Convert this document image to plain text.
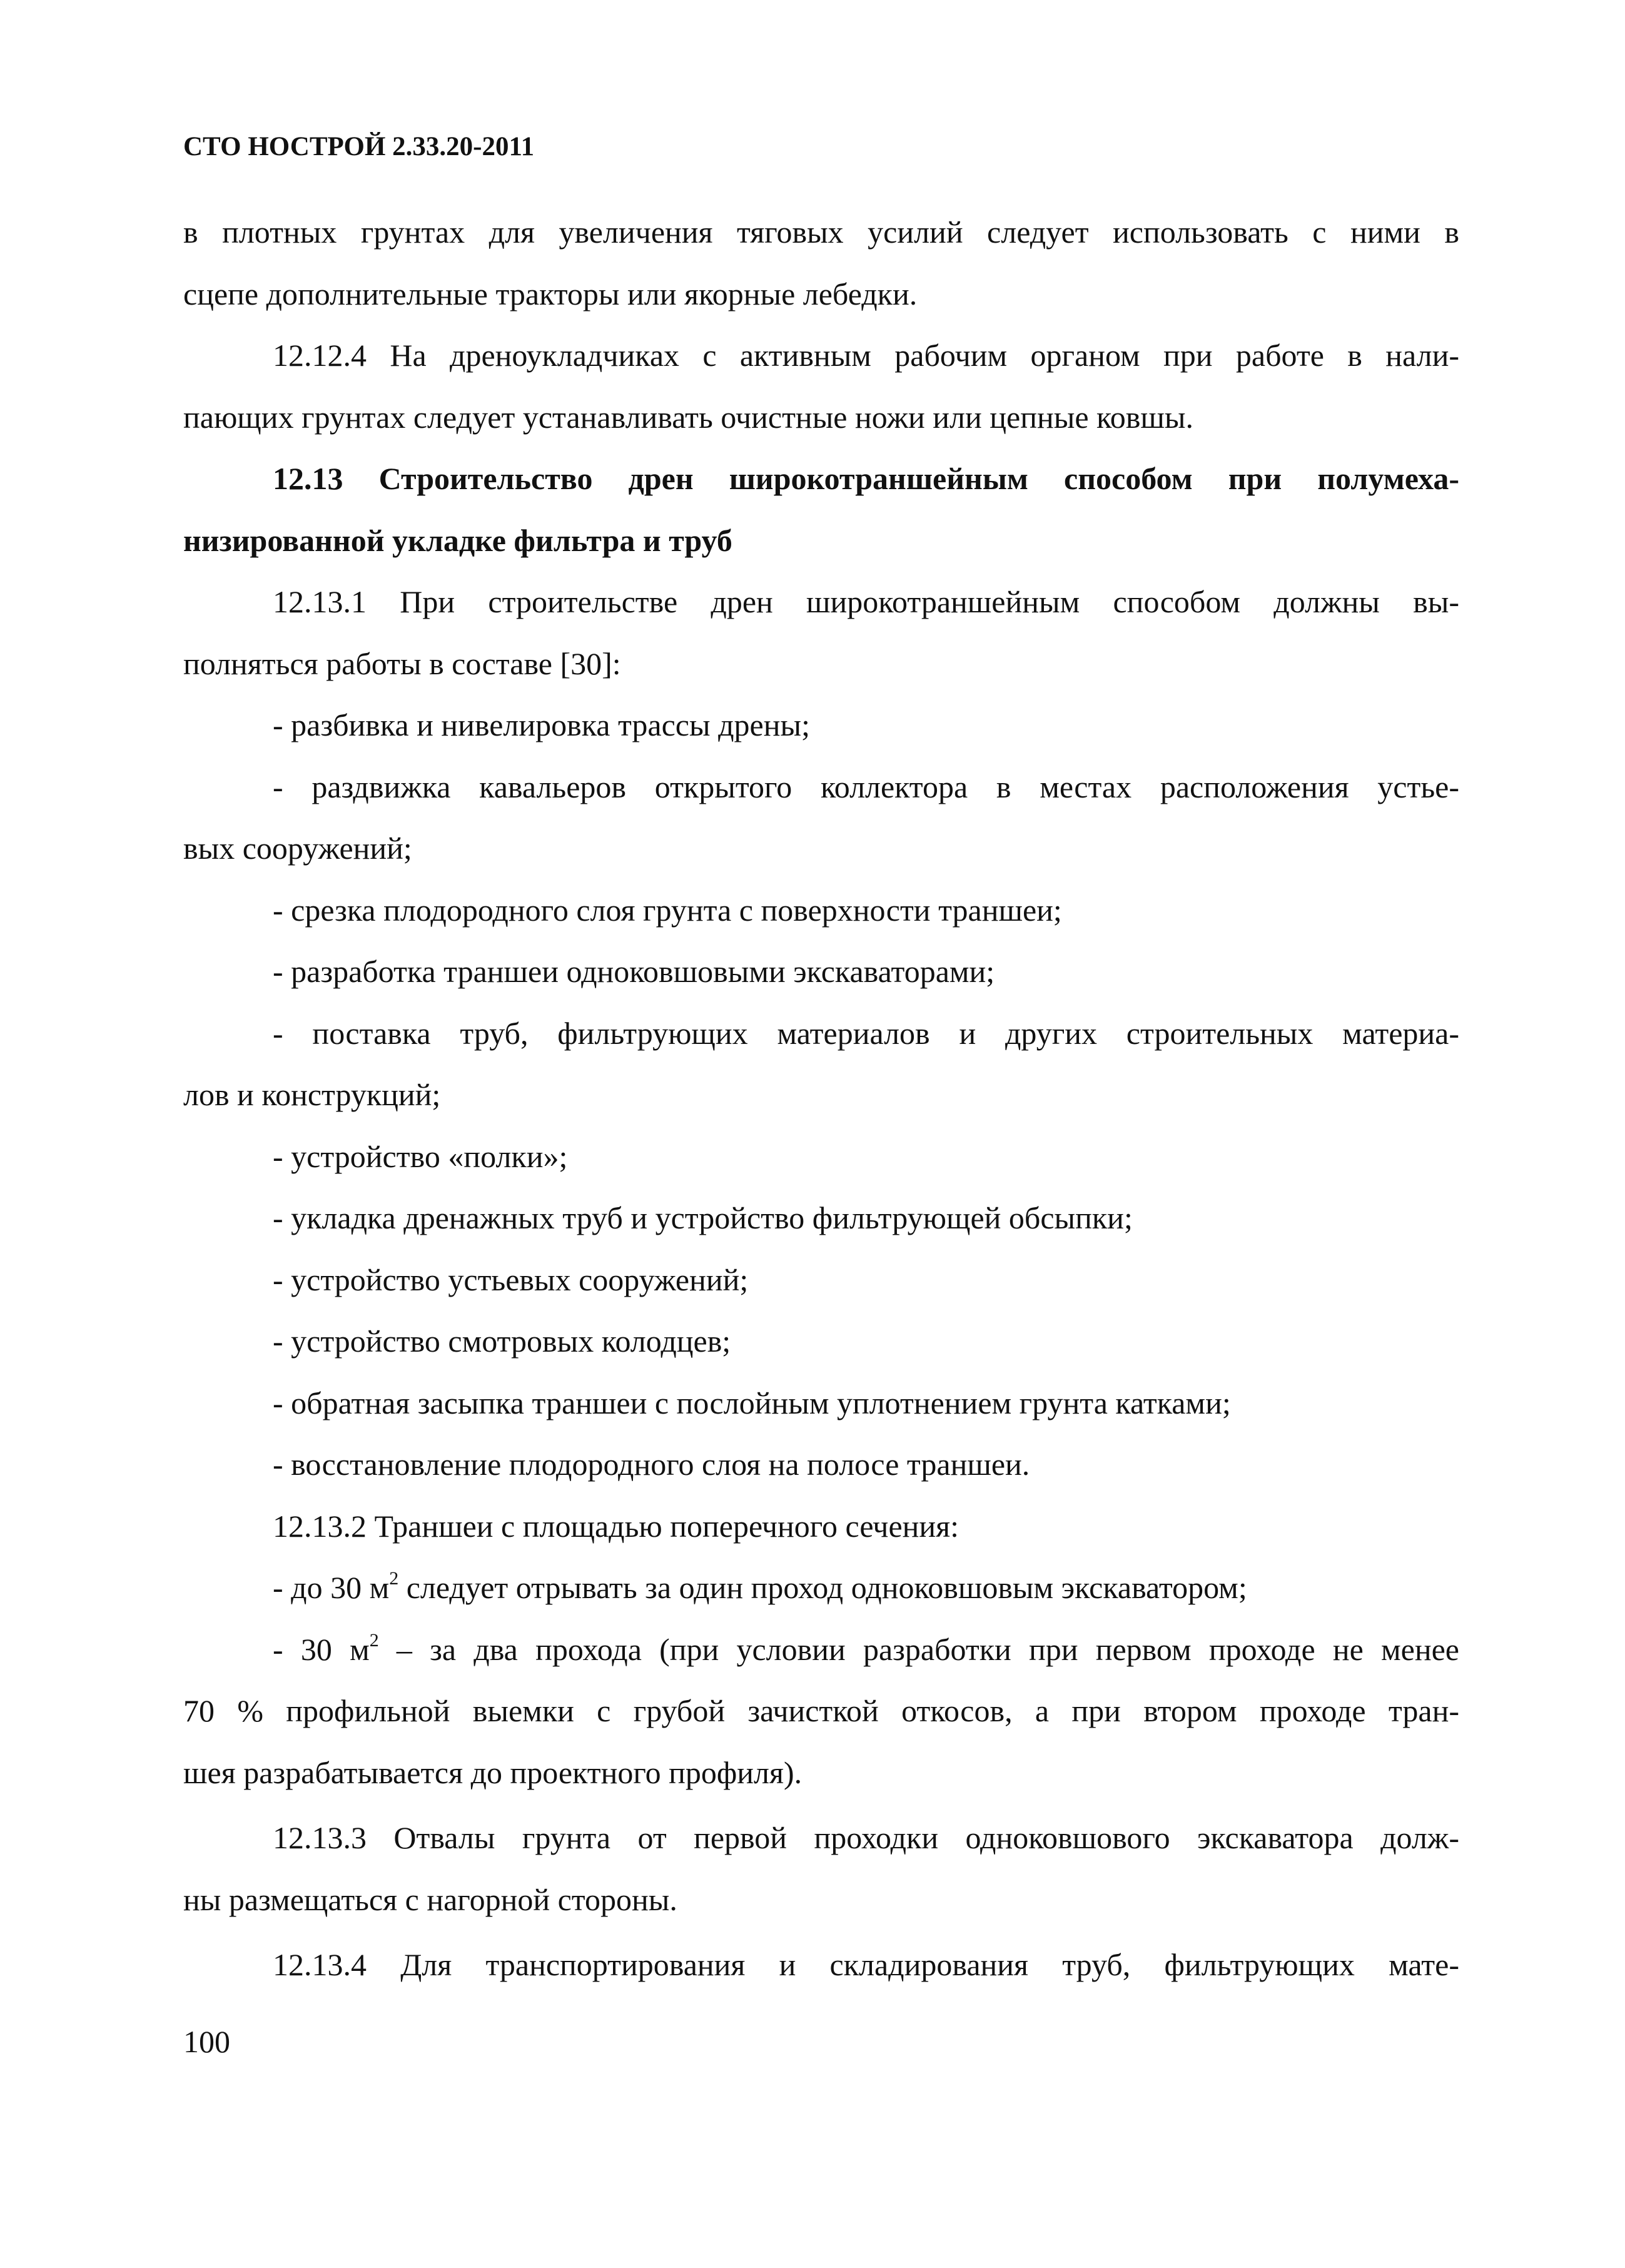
СТО НОСТРОЙ 2.33.20-2011
в плотных грунтах для увеличения тяговых усилий следует использовать с ними в
сцепе дополнительные тракторы или якорные лебедки.
12.12.4 На дреноукладчиках с активным рабочим органом при работе в нали-
пающих грунтах следует устанавливать очистные ножи или цепные ковшы.
12.13 Строительство дрен широкотраншейным способом при полумеха-
низированной укладке фильтра и труб
12.13.1 При строительстве дрен широкотраншейным способом должны вы-
полняться работы в составе [30]:
- разбивка и нивелировка трассы дрены;
- раздвижка кавальеров открытого коллектора в местах расположения устье-
вых сооружений;
- срезка плодородного слоя грунта с поверхности траншеи;
- разработка траншеи одноковшовыми экскаваторами;
- поставка труб, фильтрующих материалов и других строительных материа-
лов и конструкций;
- устройство «полки»;
- укладка дренажных труб и устройство фильтрующей обсыпки;
- устройство устьевых сооружений;
- устройство смотровых колодцев;
- обратная засыпка траншеи с послойным уплотнением грунта катками;
- восстановление плодородного слоя на полосе траншеи.
12.13.2 Траншеи с площадью поперечного сечения:
- до 30 $м^2$ следует отрывать за один проход одноковшовым экскаватором;
- 30 $м^2$ – за два прохода (при условии разработки при первом проходе не менее
70 % профильной выемки с грубой зачисткой откосов, а при втором проходе тран-
шея разрабатывается до проектного профиля).
12.13.3 Отвалы грунта от первой проходки одноковшового экскаватора долж-
ны размещаться с нагорной стороны.
12.13.4 Для транспортирования и складирования труб, фильтрующих мате-
100
